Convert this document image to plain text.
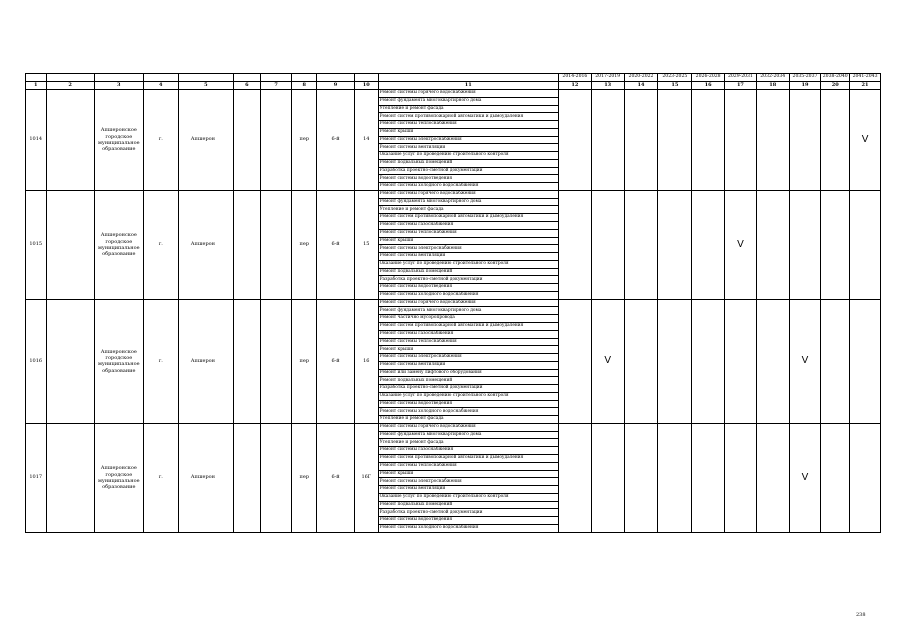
											2014-2016	2017-2019	2020-2022	2023-2025	2026-2028	2029-2031	2032-2034	2035-2037	2038-2040	2041-2043
1	2	3	4	5	6	7	8	9	10	11	12	13	14	15	16	17	18	19	20	21
1014		Апшеронское городское муниципальное образование	г.	Апшерон			пер	6-й	14	Ремонт системы горячего водоснабжения										V
										Ремонт фундамента многоквартирного дома										
										Утепление и ремонт фасада										
										Ремонт систем противопожарной автоматики и дымоудаления										
										Ремонт системы теплоснабжения										
										Ремонт крыши										
										Ремонт системы электроснабжения										
										Ремонт системы вентиляции										
										Оказание услуг по проведению строительного контроля										
										Ремонт подвальных помещений										
										Разработка проектно-сметной документации										
										Ремонт системы водоотведения										
										Ремонт системы холодного водоснабжения										
1015		Апшеронское городское муниципальное образование	г.	Апшерон			пер	6-й	15	Ремонт системы горячего водоснабжения						V				
										Ремонт фундамента многоквартирного дома										
										Утепление и ремонт фасада										
										Ремонт систем противопожарной автоматики и дымоудаления										
										Ремонт системы газоснабжения										
										Ремонт системы теплоснабжения										
										Ремонт крыши										
										Ремонт системы электроснабжения										
										Ремонт системы вентиляции										
										Оказание услуг по проведению строительного контроля										
										Ремонт подвальных помещений										
										Разработка проектно-сметной документации										
										Ремонт системы водоотведения										
										Ремонт системы холодного водоснабжения										
1016		Апшеронское городское муниципальное образование	г.	Апшерон			пер	6-й	16	Ремонт системы горячего водоснабжения		V						V		
										Ремонт фундамента многоквартирного дома										
										Ремонт частично мусоропровода										
										Ремонт систем противопожарной автоматики и дымоудаления										
										Ремонт системы газоснабжения										
										Ремонт системы теплоснабжения										
										Ремонт крыши										
										Ремонт системы электроснабжения										
										Ремонт системы вентиляции										
										Ремонт или замену лифтового оборудования										
										Ремонт подвальных помещений										
										Разработка проектно-сметной документации										
										Оказание услуг по проведению строительного контроля										
										Ремонт системы водоотведения										
										Ремонт системы холодного водоснабжения										
										Утепление и ремонт фасада										
1017		Апшеронское городское муниципальное образование	г.	Апшерон			пер	6-й	16Г	Ремонт системы горячего водоснабжения								V		
										Ремонт фундамента многоквартирного дома										
										Утепление и ремонт фасада										
										Ремонт системы газоснабжения										
										Ремонт систем противопожарной автоматики и дымоудаления										
										Ремонт системы теплоснабжения										
										Ремонт крыши										
										Ремонт системы электроснабжения										
										Ремонт системы вентиляции										
										Оказание услуг по проведению строительного контроля										
										Ремонт подвальных помещений										
										Разработка проектно-сметной документации										
										Ремонт системы водоотведения										
										Ремонт системы холодного водоснабжения										
238
